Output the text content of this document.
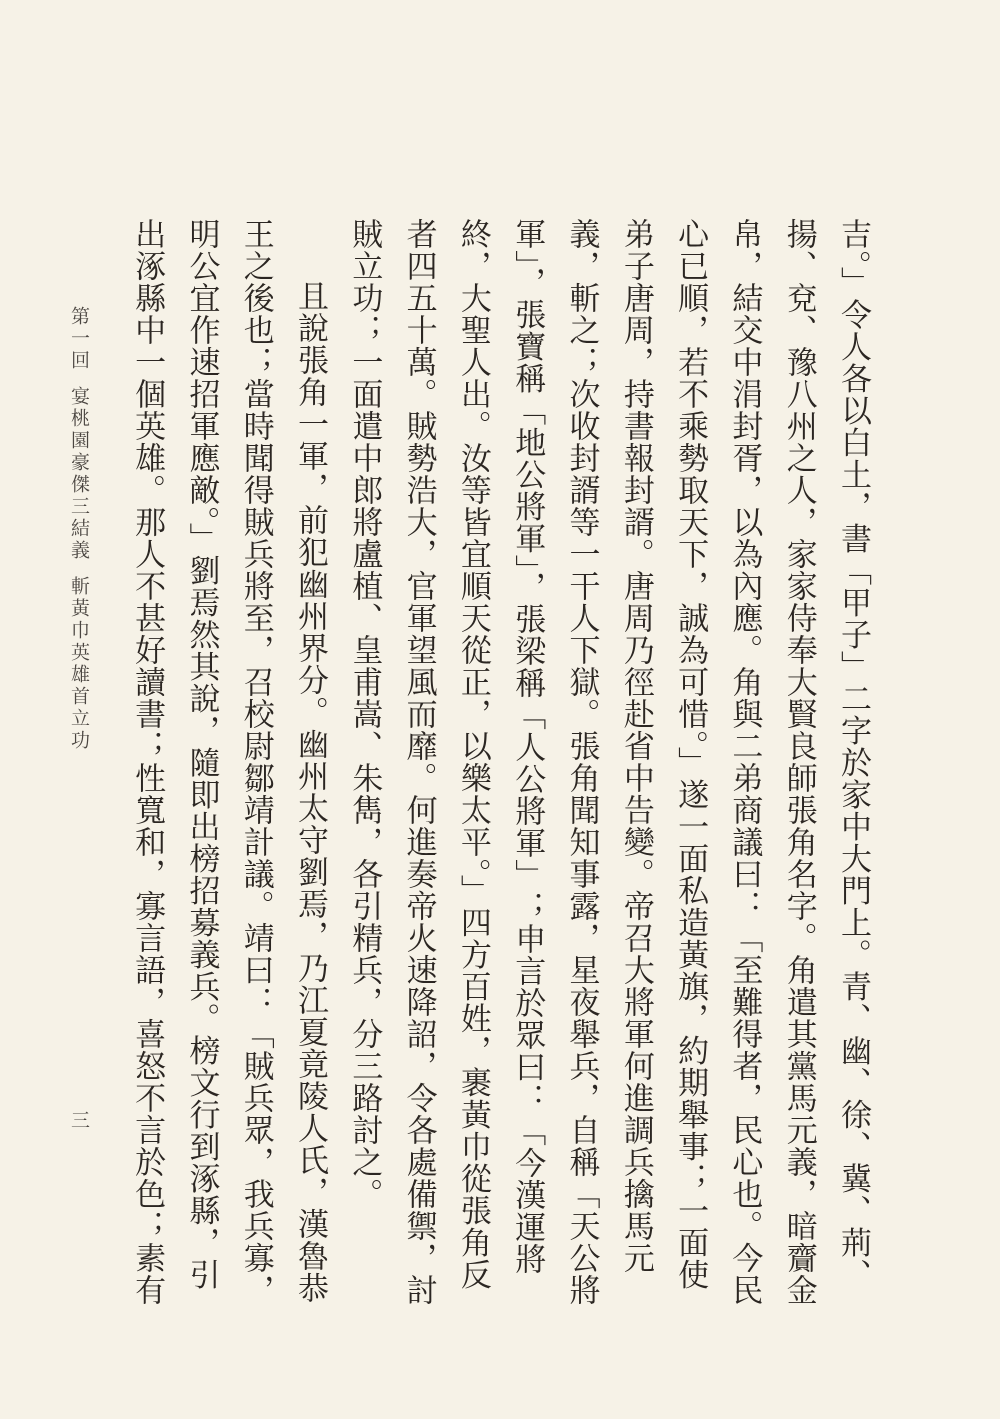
吉。」令人各以白土，書「甲子」二字於家中大門上。青、幽、徐、冀、荊、揚、兗、豫八州之人，家家侍奉大賢良師張角名字。角遣其黨馬元義，暗齎金帛，結交中涓封胥，以為內應。角與二弟商議曰：「至難得者，民心也。今民心已順，若不乘勢取天下，誠為可惜。」遂一面私造黃旗，約期舉事；一面使弟子唐周，持書報封諝。唐周乃徑赴省中告變。帝召大將軍何進調兵擒馬元義，斬之；次收封諝等一干人下獄。張角聞知事露，星夜舉兵，自稱「天公將軍」，張寶稱「地公將軍」，張梁稱「人公將軍」；申言於眾曰：「今漢運將終，大聖人出。汝等皆宜順天從正，以樂太平。」四方百姓，裹黃巾從張角反者四五十萬。賊勢浩大，官軍望風而靡。何進奏帝火速降詔，令各處備禦，討賊立功；一面遣中郎將盧植、皇甫嵩、朱雋，各引精兵，分三路討之。

且說張角一軍，前犯幽州界分。幽州太守劉焉，乃江夏竟陵人氏，漢魯恭王之後也；當時聞得賊兵將至，召校尉鄒靖計議。靖曰：「賊兵眾，我兵寡，明公宜作速招軍應敵。」劉焉然其說，隨即出榜招募義兵。榜文行到涿縣，引出涿縣中一個英雄。那人不甚好讀書；性寬和，寡言語，喜怒不言於色；素有

第一回宴桃園豪傑三結義斬黃巾英雄首立功
三
